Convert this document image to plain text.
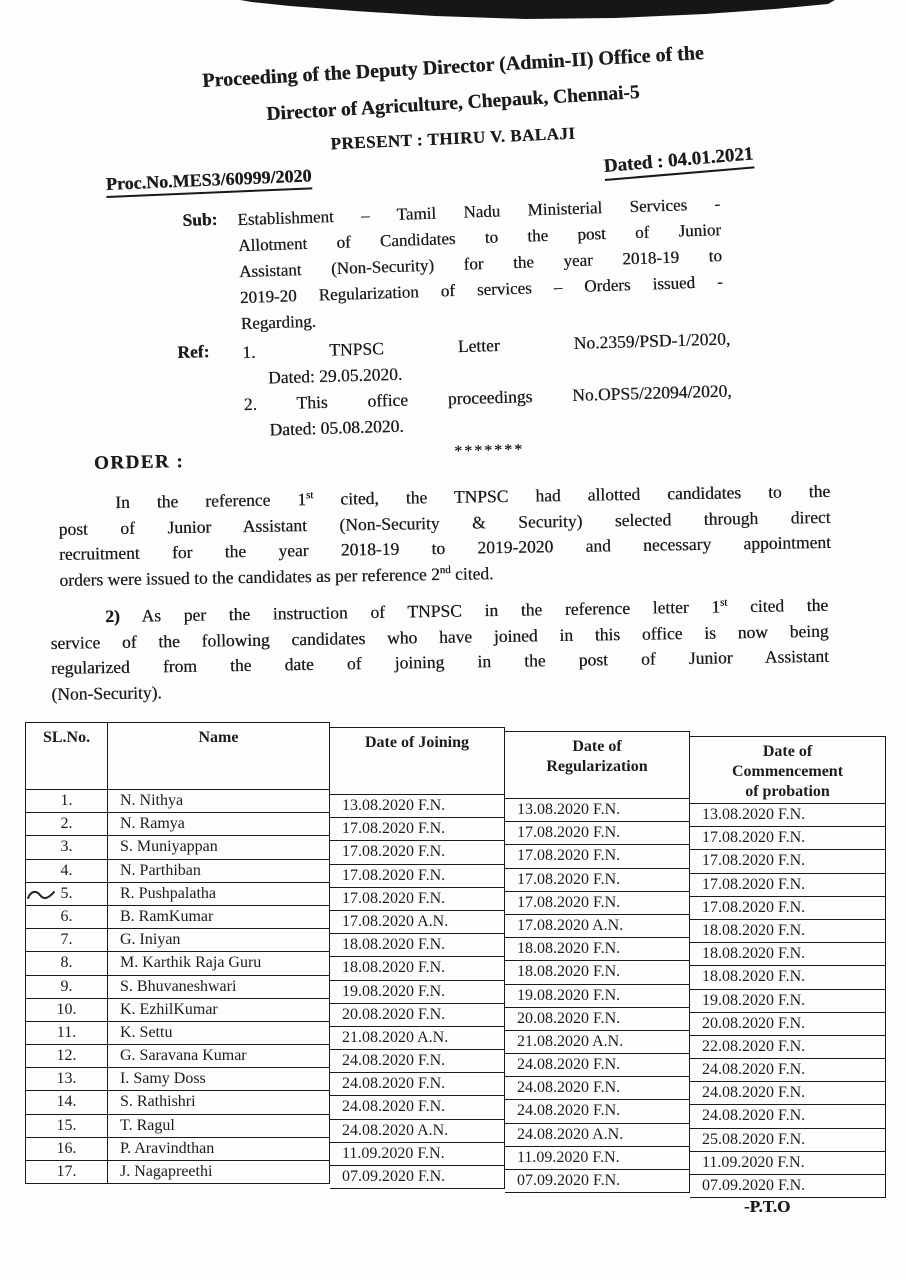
Proceeding of the Deputy Director (Admin-II) Office of the
Director of Agriculture, Chepauk, Chennai-5
PRESENT : THIRU V. BALAJI
Proc.No.MES3/60999/2020
Dated : 04.01.2021
Sub: Establishment – Tamil Nadu Ministerial Services -
Allotment of Candidates to the post of Junior
Assistant (Non-Security) for the year 2018-19 to
2019-20 Regularization of services – Orders issued -
Regarding.
Ref: 1. TNPSC Letter No.2359/PSD-1/2020,
Dated: 29.05.2020.
2. This office proceedings No.OPS5/22094/2020,
Dated: 05.08.2020.
*******
ORDER :
In the reference 1st cited, the TNPSC had allotted candidates to the
post of Junior Assistant (Non-Security & Security) selected through direct
recruitment for the year 2018-19 to 2019-2020 and necessary appointment
orders were issued to the candidates as per reference 2nd cited.
2) As per the instruction of TNPSC in the reference letter 1st cited the
service of the following candidates who have joined in this office is now being
regularized from the date of joining in the post of Junior Assistant
(Non-Security).
SL.No.
1.
2.
3.
4.
5.
6.
7.
8.
9.
10.
11.
12.
13.
14.
15.
16.
17.
Name
N. Nithya
N. Ramya
S. Muniyappan
N. Parthiban
R. Pushpalatha
B. RamKumar
G. Iniyan
M. Karthik Raja Guru
S. Bhuvaneshwari
K. EzhilKumar
K. Settu
G. Saravana Kumar
I. Samy Doss
S. Rathishri
T. Ragul
P. Aravindthan
J. Nagapreethi
Date of Joining
13.08.2020 F.N.
17.08.2020 F.N.
17.08.2020 F.N.
17.08.2020 F.N.
17.08.2020 F.N.
17.08.2020 A.N.
18.08.2020 F.N.
18.08.2020 F.N.
19.08.2020 F.N.
20.08.2020 F.N.
21.08.2020 A.N.
24.08.2020 F.N.
24.08.2020 F.N.
24.08.2020 F.N.
24.08.2020 A.N.
11.09.2020 F.N.
07.09.2020 F.N.
Date of
Regularization
13.08.2020 F.N.
17.08.2020 F.N.
17.08.2020 F.N.
17.08.2020 F.N.
17.08.2020 F.N.
17.08.2020 A.N.
18.08.2020 F.N.
18.08.2020 F.N.
19.08.2020 F.N.
20.08.2020 F.N.
21.08.2020 A.N.
24.08.2020 F.N.
24.08.2020 F.N.
24.08.2020 F.N.
24.08.2020 A.N.
11.09.2020 F.N.
07.09.2020 F.N.
Date of
Commencement
of probation
13.08.2020 F.N.
17.08.2020 F.N.
17.08.2020 F.N.
17.08.2020 F.N.
17.08.2020 F.N.
18.08.2020 F.N.
18.08.2020 F.N.
18.08.2020 F.N.
19.08.2020 F.N.
20.08.2020 F.N.
22.08.2020 F.N.
24.08.2020 F.N.
24.08.2020 F.N.
24.08.2020 F.N.
25.08.2020 F.N.
11.09.2020 F.N.
07.09.2020 F.N.
-P.T.O
